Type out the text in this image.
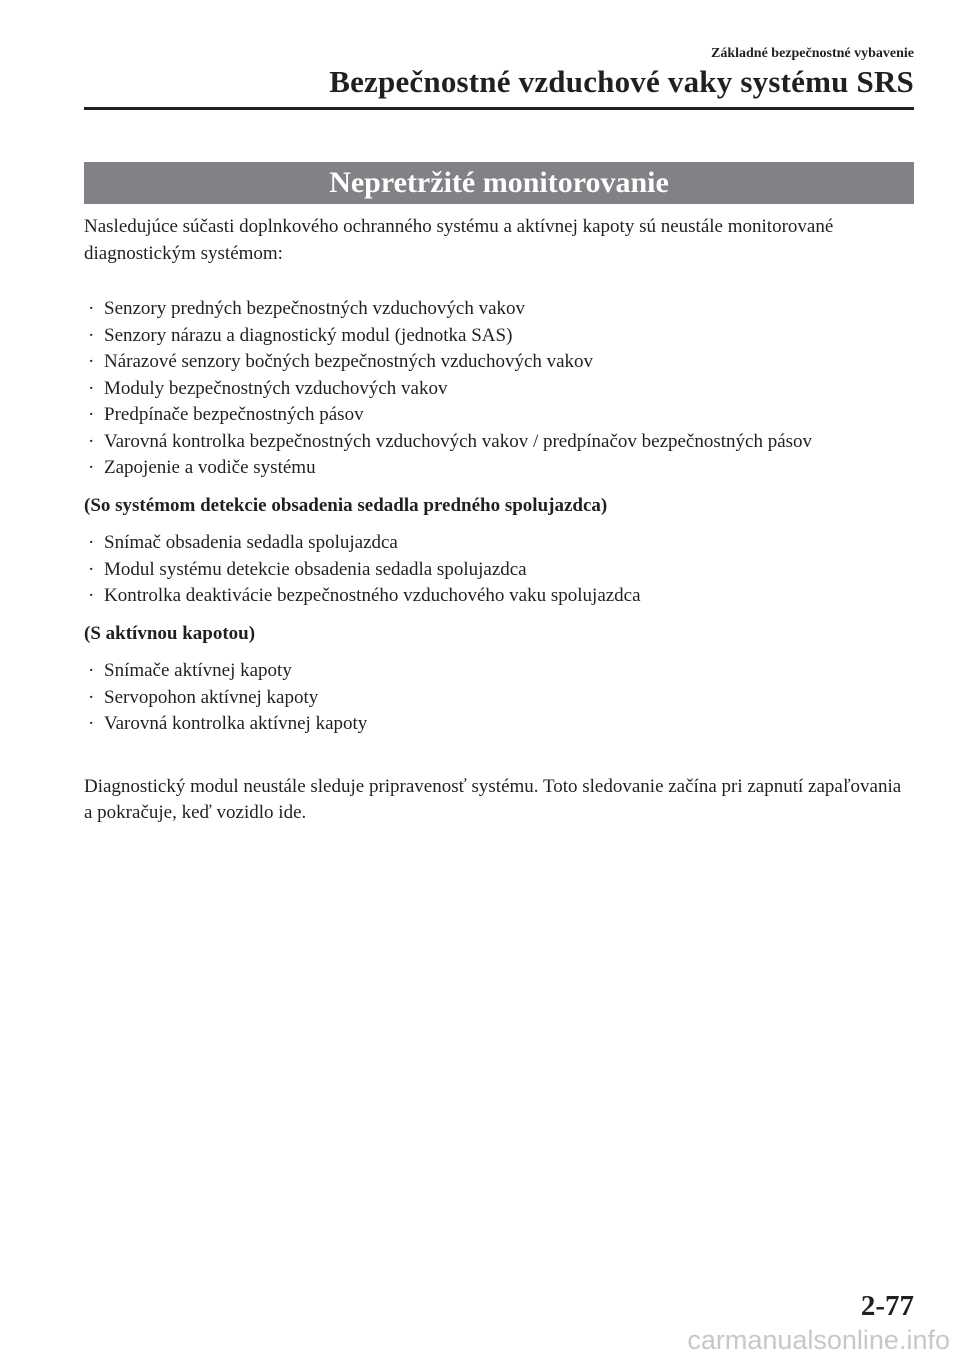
Základné bezpečnostné vybavenie
Bezpečnostné vzduchové vaky systému SRS
Nepretržité monitorovanie

Nasledujúce súčasti doplnkového ochranného systému a aktívnej kapoty sú neustále monitorované diagnostickým systémom:

· Senzory predných bezpečnostných vzduchových vakov
· Senzory nárazu a diagnostický modul (jednotka SAS)
· Nárazové senzory bočných bezpečnostných vzduchových vakov
· Moduly bezpečnostných vzduchových vakov
· Predpínače bezpečnostných pásov
· Varovná kontrolka bezpečnostných vzduchových vakov / predpínačov bezpečnostných pásov
· Zapojenie a vodiče systému

(So systémom detekcie obsadenia sedadla predného spolujazdca)

· Snímač obsadenia sedadla spolujazdca
· Modul systému detekcie obsadenia sedadla spolujazdca
· Kontrolka deaktivácie bezpečnostného vzduchového vaku spolujazdca

(S aktívnou kapotou)

· Snímače aktívnej kapoty
· Servopohon aktívnej kapoty
· Varovná kontrolka aktívnej kapoty

Diagnostický modul neustále sleduje pripravenosť systému. Toto sledovanie začína pri zapnutí zapaľovania a pokračuje, keď vozidlo ide.

2-77
carmanualsonline.info
